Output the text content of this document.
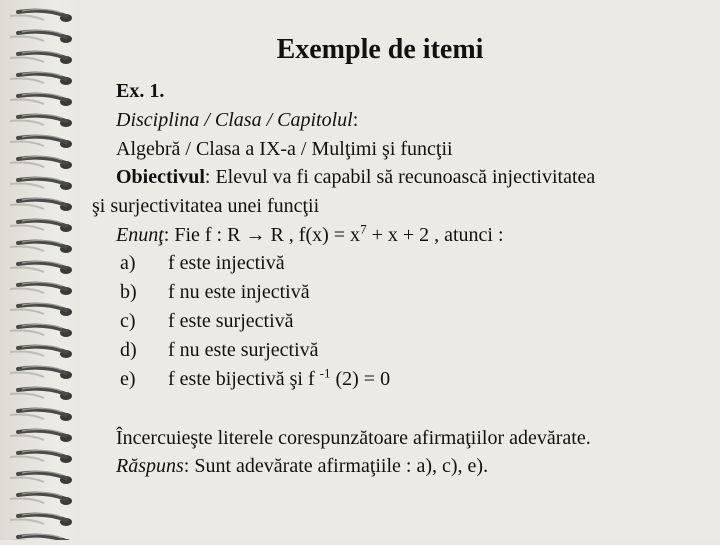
Exemple de itemi
Ex. 1.
Disciplina / Clasa / Capitolul:
Algebră / Clasa a IX-a / Mulţimi şi funcţii
Obiectivul: Elevul va fi capabil să recunoască injectivitatea
şi surjectivitatea unei funcţii
Enunţ: Fie f : R → R , $f(x) = x^7 + x + 2$ , atunci :
a) f este injectivă
b) f nu este injectivă
c) f este surjectivă
d) f nu este surjectivă
e) f este bijectivă şi f $^{-1}$ (2) = 0
Încercuieşte literele corespunzătoare afirmaţiilor adevărate.
Răspuns: Sunt adevărate afirmaţiile : a), c), e).
